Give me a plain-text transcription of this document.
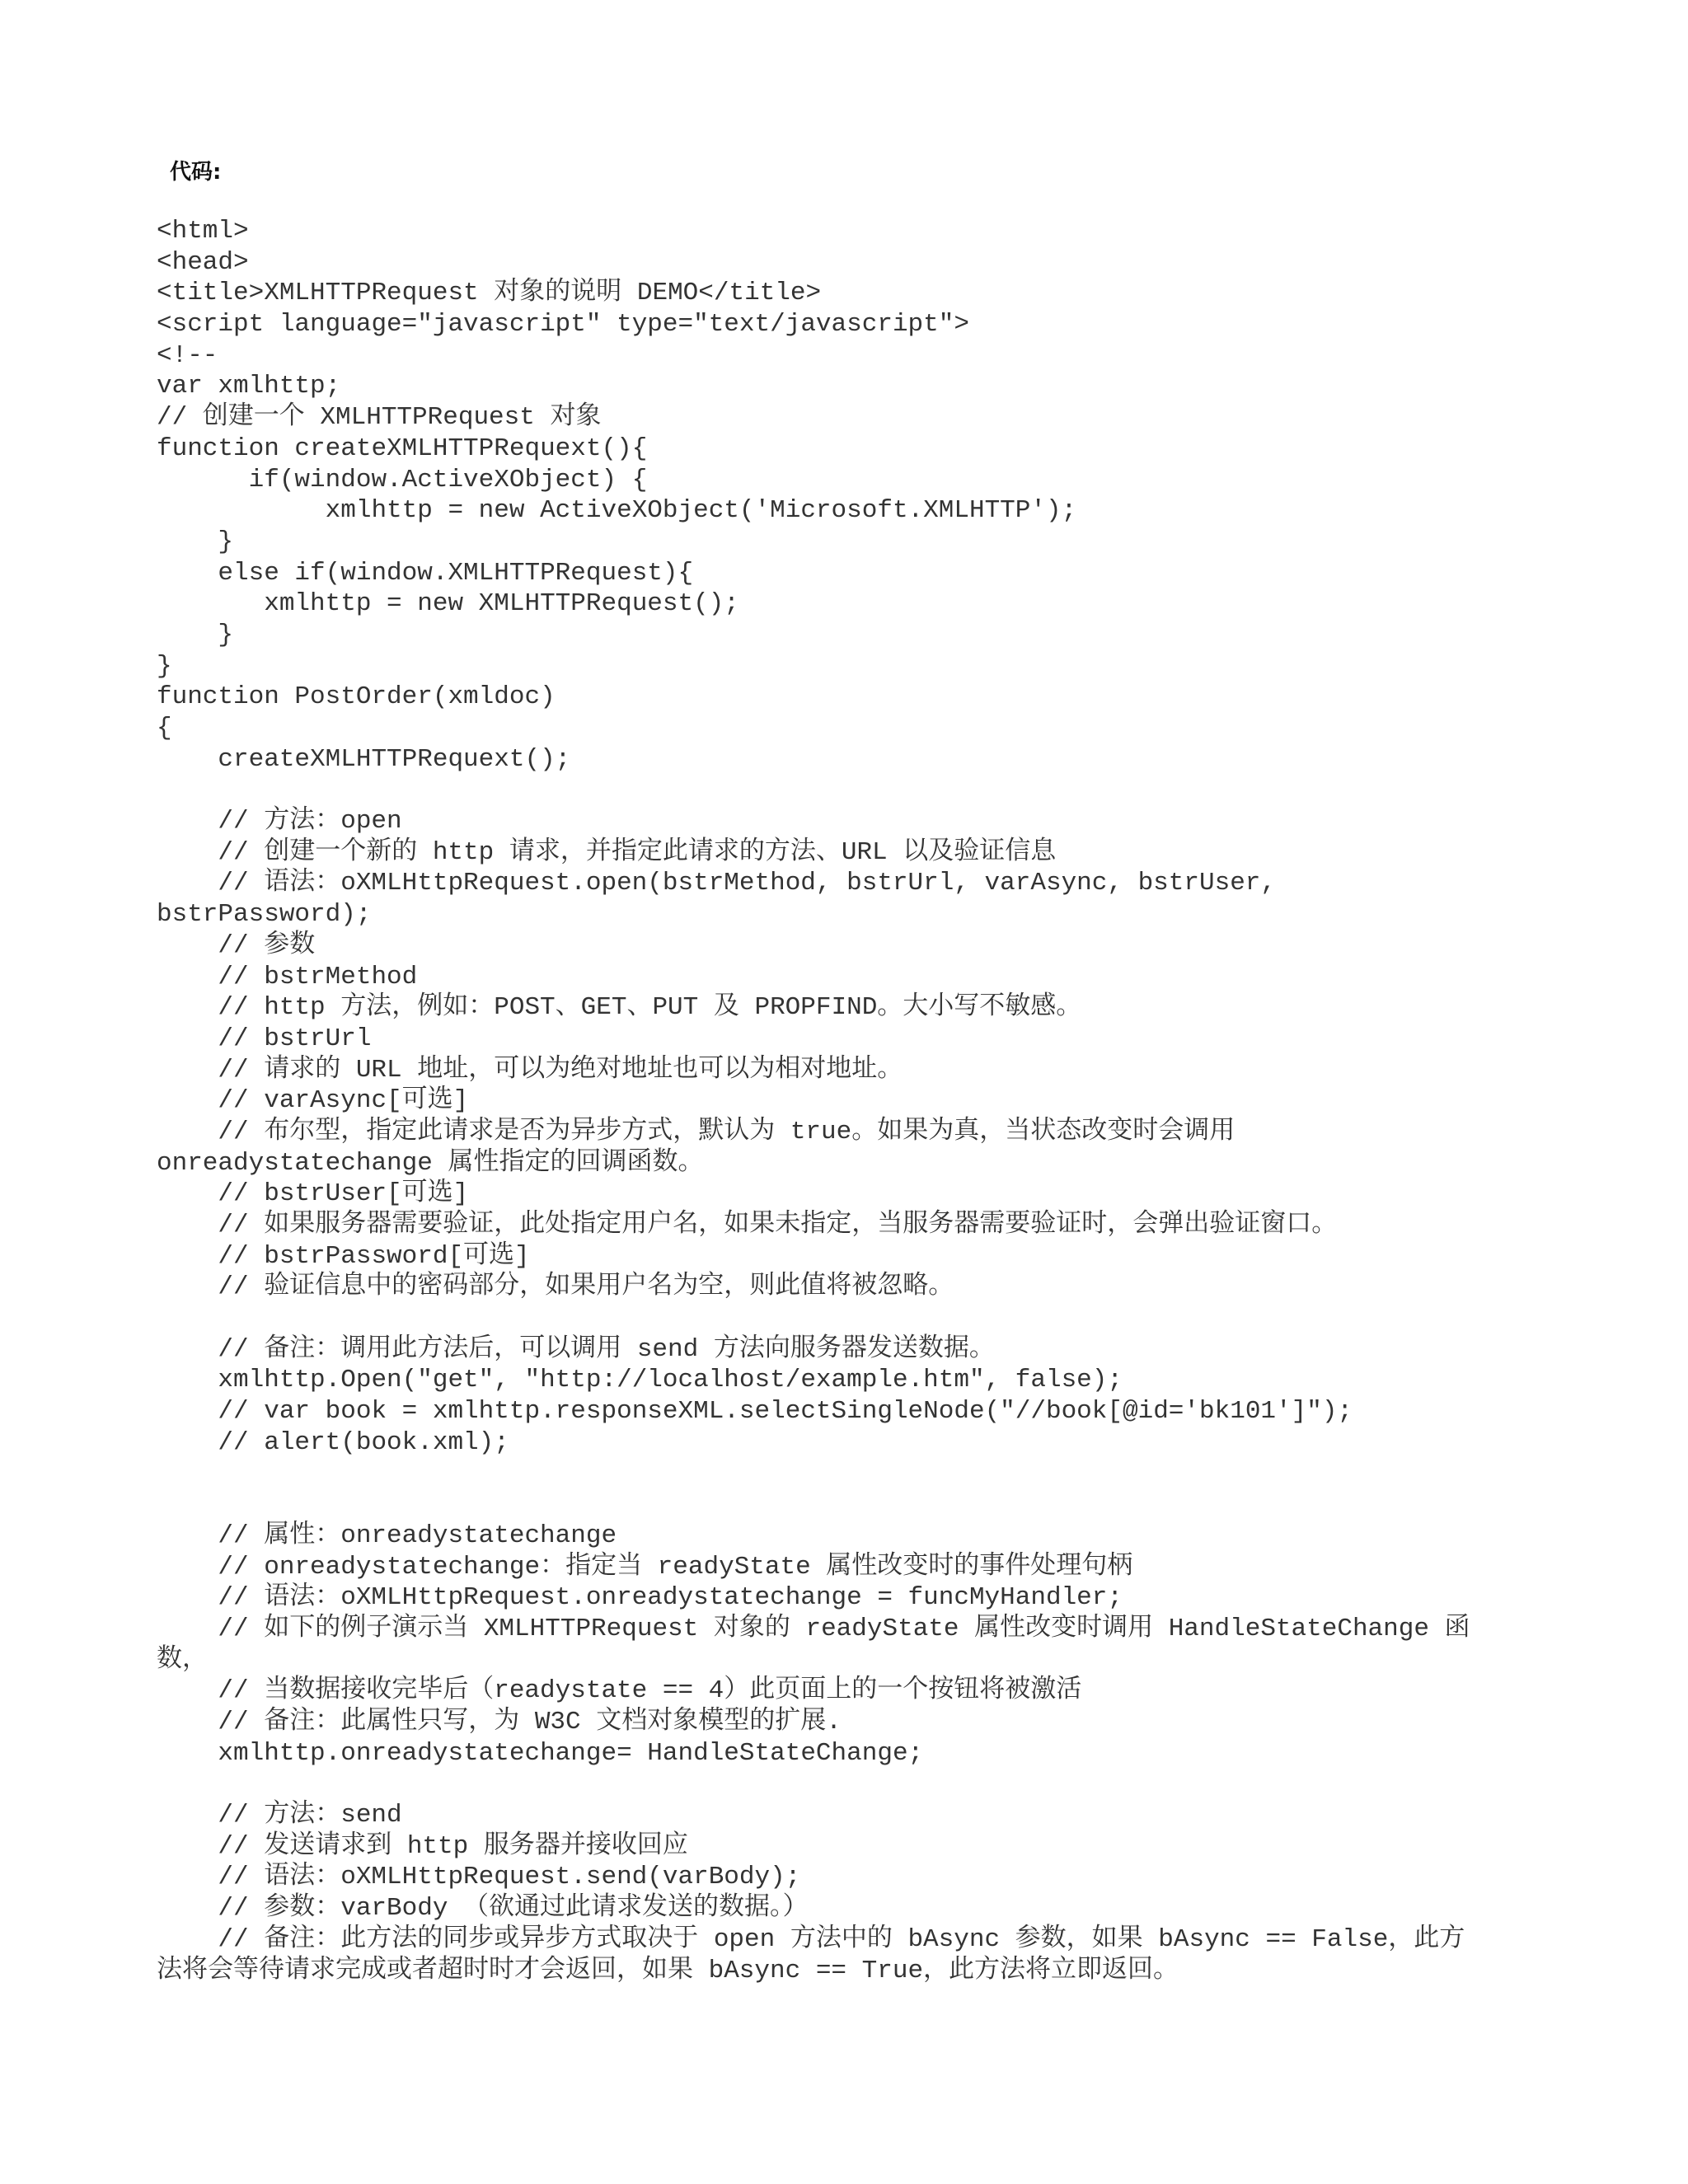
代码:
<html>
<head>
<title>XMLHTTPRequest 对象的说明 DEMO</title>
<script language="javascript" type="text/javascript">
<!--
var xmlhttp;
// 创建一个 XMLHTTPRequest 对象
function createXMLHTTPRequext(){
if(window.ActiveXObject) {
xmlhttp = new ActiveXObject('Microsoft.XMLHTTP');
}
else if(window.XMLHTTPRequest){
xmlhttp = new XMLHTTPRequest();
}
}
function PostOrder(xmldoc)
{
createXMLHTTPRequext();
// 方法：open
// 创建一个新的 http 请求，并指定此请求的方法、URL 以及验证信息
// 语法：oXMLHttpRequest.open(bstrMethod, bstrUrl, varAsync, bstrUser,
bstrPassword);
// 参数
// bstrMethod
// http 方法，例如：POST、GET、PUT 及 PROPFIND。大小写不敏感。
// bstrUrl
// 请求的 URL 地址，可以为绝对地址也可以为相对地址。
// varAsync[可选]
// 布尔型，指定此请求是否为异步方式，默认为 true。如果为真，当状态改变时会调用
onreadystatechange 属性指定的回调函数。
// bstrUser[可选]
// 如果服务器需要验证，此处指定用户名，如果未指定，当服务器需要验证时，会弹出验证窗口。
// bstrPassword[可选]
// 验证信息中的密码部分，如果用户名为空，则此值将被忽略。
// 备注：调用此方法后，可以调用 send 方法向服务器发送数据。
xmlhttp.Open("get", "http://localhost/example.htm", false);
// var book = xmlhttp.responseXML.selectSingleNode("//book[@id='bk101']");
// alert(book.xml);
// 属性：onreadystatechange
// onreadystatechange：指定当 readyState 属性改变时的事件处理句柄
// 语法：oXMLHttpRequest.onreadystatechange = funcMyHandler;
// 如下的例子演示当 XMLHTTPRequest 对象的 readyState 属性改变时调用 HandleStateChange 函
数，
// 当数据接收完毕后（readystate == 4）此页面上的一个按钮将被激活
// 备注：此属性只写，为 W3C 文档对象模型的扩展.
xmlhttp.onreadystatechange= HandleStateChange;
// 方法：send
// 发送请求到 http 服务器并接收回应
// 语法：oXMLHttpRequest.send(varBody);
// 参数：varBody （欲通过此请求发送的数据。）
// 备注：此方法的同步或异步方式取决于 open 方法中的 bAsync 参数，如果 bAsync == False，此方
法将会等待请求完成或者超时时才会返回，如果 bAsync == True，此方法将立即返回。
